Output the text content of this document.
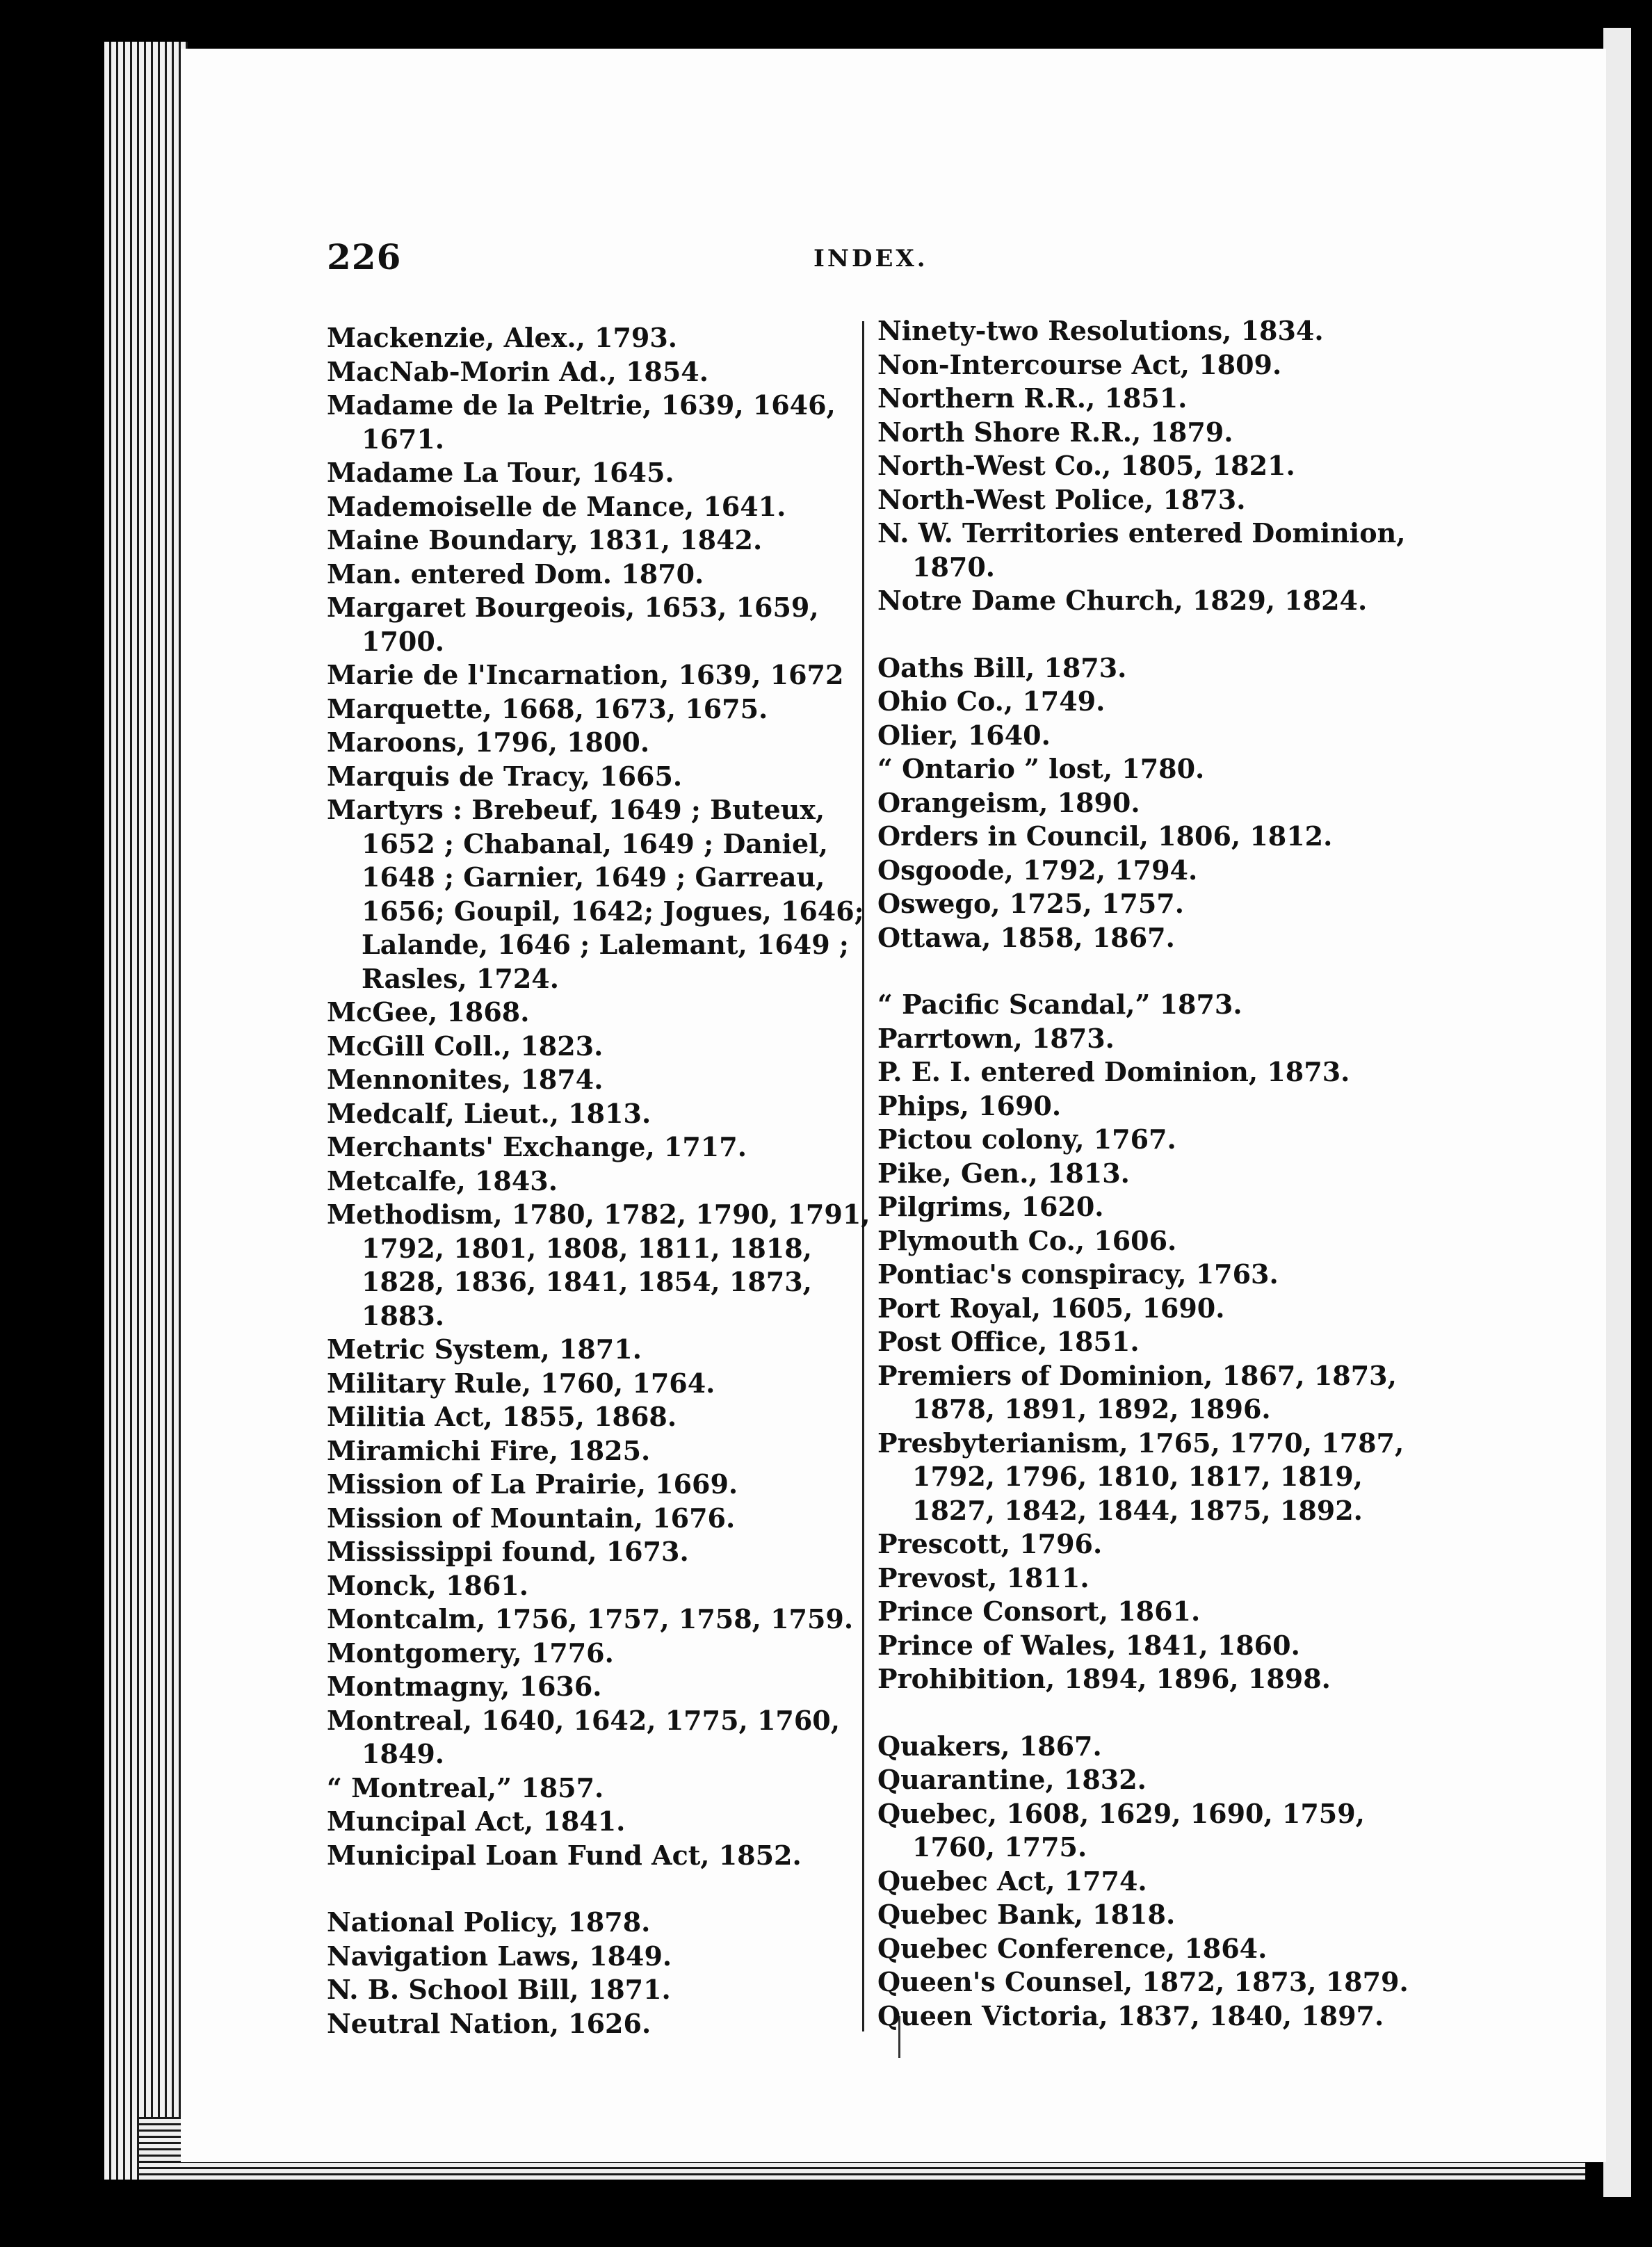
226	INDEX.
Mackenzie, Alex., 1793.
MacNab-Morin Ad., 1854.
Madame de la Peltrie, 1639, 1646, 1671.
Madame La Tour, 1645.
Mademoiselle de Mance, 1641.
Maine Boundary, 1831, 1842.
Man. entered Dom. 1870.
Margaret Bourgeois, 1653, 1659, 1700.
Marie de l'Incarnation, 1639, 1672
Marquette, 1668, 1673, 1675.
Maroons, 1796, 1800.
Marquis de Tracy, 1665.
Martyrs : Brebeuf, 1649 ; Buteux, 1652 ; Chabanal, 1649 ; Daniel, 1648 ; Garnier, 1649 ; Garreau, 1656; Goupil, 1642; Jogues, 1646; Lalande, 1646 ; Lalemant, 1649 ; Rasles, 1724.
McGee, 1868.
McGill Coll., 1823.
Mennonites, 1874.
Medcalf, Lieut., 1813.
Merchants' Exchange, 1717.
Metcalfe, 1843.
Methodism, 1780, 1782, 1790, 1791, 1792, 1801, 1808, 1811, 1818, 1828, 1836, 1841, 1854, 1873, 1883.
Metric System, 1871.
Military Rule, 1760, 1764.
Militia Act, 1855, 1868.
Miramichi Fire, 1825.
Mission of La Prairie, 1669.
Mission of Mountain, 1676.
Mississippi found, 1673.
Monck, 1861.
Montcalm, 1756, 1757, 1758, 1759.
Montgomery, 1776.
Montmagny, 1636.
Montreal, 1640, 1642, 1775, 1760, 1849.
“ Montreal,” 1857.
Muncipal Act, 1841.
Municipal Loan Fund Act, 1852.
National Policy, 1878.
Navigation Laws, 1849.
N. B. School Bill, 1871.
Neutral Nation, 1626.
Ninety-two Resolutions, 1834.
Non-Intercourse Act, 1809.
Northern R.R., 1851.
North Shore R.R., 1879.
North-West Co., 1805, 1821.
North-West Police, 1873.
N. W. Territories entered Dominion, 1870.
Notre Dame Church, 1829, 1824.
Oaths Bill, 1873.
Ohio Co., 1749.
Olier, 1640.
“ Ontario ” lost, 1780.
Orangeism, 1890.
Orders in Council, 1806, 1812.
Osgoode, 1792, 1794.
Oswego, 1725, 1757.
Ottawa, 1858, 1867.
“ Pacific Scandal,” 1873.
Parrtown, 1873.
P. E. I. entered Dominion, 1873.
Phips, 1690.
Pictou colony, 1767.
Pike, Gen., 1813.
Pilgrims, 1620.
Plymouth Co., 1606.
Pontiac's conspiracy, 1763.
Port Royal, 1605, 1690.
Post Office, 1851.
Premiers of Dominion, 1867, 1873, 1878, 1891, 1892, 1896.
Presbyterianism, 1765, 1770, 1787, 1792, 1796, 1810, 1817, 1819, 1827, 1842, 1844, 1875, 1892.
Prescott, 1796.
Prevost, 1811.
Prince Consort, 1861.
Prince of Wales, 1841, 1860.
Prohibition, 1894, 1896, 1898.
Quakers, 1867.
Quarantine, 1832.
Quebec, 1608, 1629, 1690, 1759, 1760, 1775.
Quebec Act, 1774.
Quebec Bank, 1818.
Quebec Conference, 1864.
Queen's Counsel, 1872, 1873, 1879.
Queen Victoria, 1837, 1840, 1897.
